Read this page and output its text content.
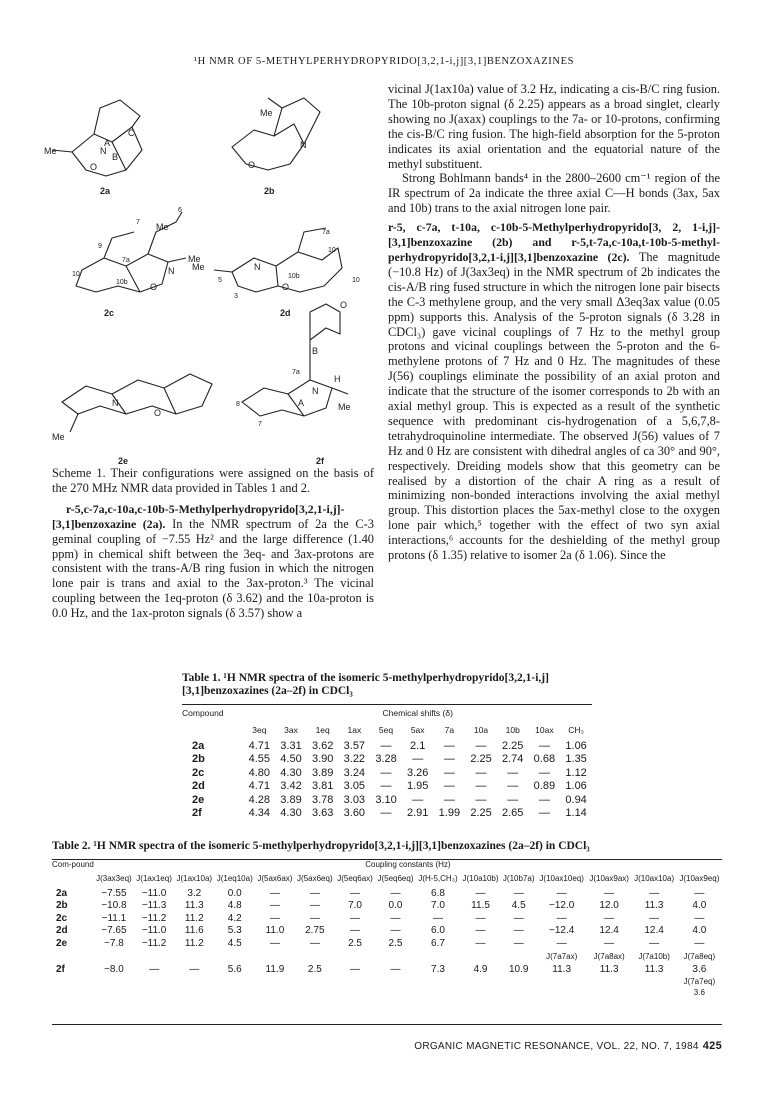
¹H NMR OF 5-METHYLPERHYDROPYRIDO[3,2,1-i,j][3,1]BENZOXAZINES
Me	N
O
B
A
C
2a
Me
N
O
2b
6
Me
7
9
10
7a
10b
N
O
Me
2c
Me	N
O
10b
7a
10
10
5
3
2d
N
O
Me
2e
O
B
H
N
A	Me
7a
8
7
2f

Scheme 1. Their configurations were assigned on the basis of the 270 MHz NMR data provided in Tables 1 and 2.

r-5,c-7a,c-10a,c-10b-5-Methylperhydropyrido[3,2,1-i,j]-[3,1]benzoxazine (2a). In the NMR spectrum of 2a the C-3 geminal coupling of −7.55 Hz² and the large difference (1.40 ppm) in chemical shift between the 3eq- and 3ax-protons are consistent with the trans-A/B ring fusion in which the nitrogen lone pair is trans and axial to the 3ax-proton.³ The vicinal coupling between the 1eq-proton (δ 3.62) and the 10a-proton is 0.0 Hz, and the 1ax-proton signals (δ 3.57) show a

vicinal J(1ax10a) value of 3.2 Hz, indicating a cis-B/C ring fusion. The 10b-proton signal (δ 2.25) appears as a broad singlet, clearly showing no J(axax) couplings to the 7a- or 10-protons, confirming the cis-B/C ring fusion. The high-field absorption for the 5-proton indicates its axial orientation and the equatorial nature of the methyl substituent.

Strong Bohlmann bands⁴ in the 2800–2600 cm⁻¹ region of the IR spectrum of 2a indicate the three axial C—H bonds (3ax, 5ax and 10b) trans to the axial nitrogen lone pair.

r-5, c-7a, t-10a, c-10b-5-Methylperhydropyrido[3, 2, 1-i,j]-[3,1]benzoxazine (2b) and r-5,t-7a,c-10a,t-10b-5-methyl-perhydropyrido[3,2,1-i,j][3,1]benzoxazine (2c). The magnitude (−10.8 Hz) of J(3ax3eq) in the NMR spectrum of 2b indicates the cis-A/B ring fused structure in which the nitrogen lone pair bisects the C-3 methylene group, and the very small Δ3eq3ax value (0.05 ppm) supports this. Analysis of the 5-proton signals (δ 3.28 in CDCl₃) gave vicinal couplings of 7 Hz to the methyl group protons and vicinal couplings between the 5-proton and the 6-methylene protons of 7 Hz and 0 Hz. The magnitudes of these J(56) couplings eliminate the possibility of an axial proton and indicate that the structure of the isomer corresponds to 2b with an axial methyl group. This is expected as a result of the synthetic sequence with predominant cis-hydrogenation of a 5,6,7,8-tetrahydroquinoline intermediate. The observed J(56) values of 7 Hz and 0 Hz are consistent with dihedral angles of ca 30° and 90°, respectively. Dreiding models show that this geometry can be realised by a distortion of the chair A ring as a result of minimizing non-bonded interactions involving the axial methyl group. This distortion places the 5ax-methyl close to the oxygen lone pair which,⁵ together with the effect of two syn axial interactions,⁶ accounts for the deshielding of the methyl group protons (δ 1.35) relative to isomer 2a (δ 1.06). Since the

Table 1. ¹H NMR spectra of the isomeric 5-methylperhydropyrido[3,2,1-i,j][3,1]benzoxazines (2a–2f) in CDCl₃
Compound	Chemical shifts (δ)										
	3eq	3ax	1eq	1ax	5eq	5ax	7a	10a	10b	10ax	CH₃
2a	4.71	3.31	3.62	3.57	—	2.1	—	—	2.25	—	1.06
2b	4.55	4.50	3.90	3.22	3.28	—	—	2.25	2.74	0.68	1.35
2c	4.80	4.30	3.89	3.24	—	3.26	—	—	—	—	1.12
2d	4.71	3.42	3.81	3.05	—	1.95	—	—	—	0.89	1.06
2e	4.28	3.89	3.78	3.03	3.10	—	—	—	—	—	0.94
2f	4.34	4.30	3.63	3.60	—	2.91	1.99	2.25	2.65	—	1.14
Table 2. ¹H NMR spectra of the isomeric 5-methylperhydropyrido[3,2,1-i,j][3,1]benzoxazines (2a–2f) in CDCl₃
Com-pound	Coupling constants (Hz)														
	J(3ax3eq)	J(1ax1eq)	J(1ax10a)	J(1eq10a)	J(5ax6ax)	J(5ax6eq)	J(5eq6ax)	J(5eq6eq)	J(H-5,CH₃)	J(10a10b)	J(10b7a)	J(10ax10eq)	J(10ax9ax)	J(10ax10a)	J(10ax9eq)
2a	−7.55	−11.0	3.2	0.0	—	—	—	—	6.8	—	—	—	—	—	—
2b	−10.8	−11.3	11.3	4.8	—	—	7.0	0.0	7.0	11.5	4.5	−12.0	12.0	11.3	4.0
2c	−11.1	−11.2	11.2	4.2	—	—	—	—	—	—	—	—	—	—	—
2d	−7.65	−11.0	11.6	5.3	11.0	2.75	—	—	6.0	—	—	−12.4	12.4	12.4	4.0
2e	−7.8	−11.2	11.2	4.5	—	—	2.5	2.5	6.7	—	—	—	—	—	—
												J(7a7ax)	J(7a8ax)	J(7a10b)	J(7a8eq)
2f	−8.0	—	—	5.6	11.9	2.5	—	—	7.3	4.9	10.9	11.3	11.3	11.3	3.6
															J(7a7eq)
															3.6
ORGANIC MAGNETIC RESONANCE, VOL. 22, NO. 7, 1984 425
